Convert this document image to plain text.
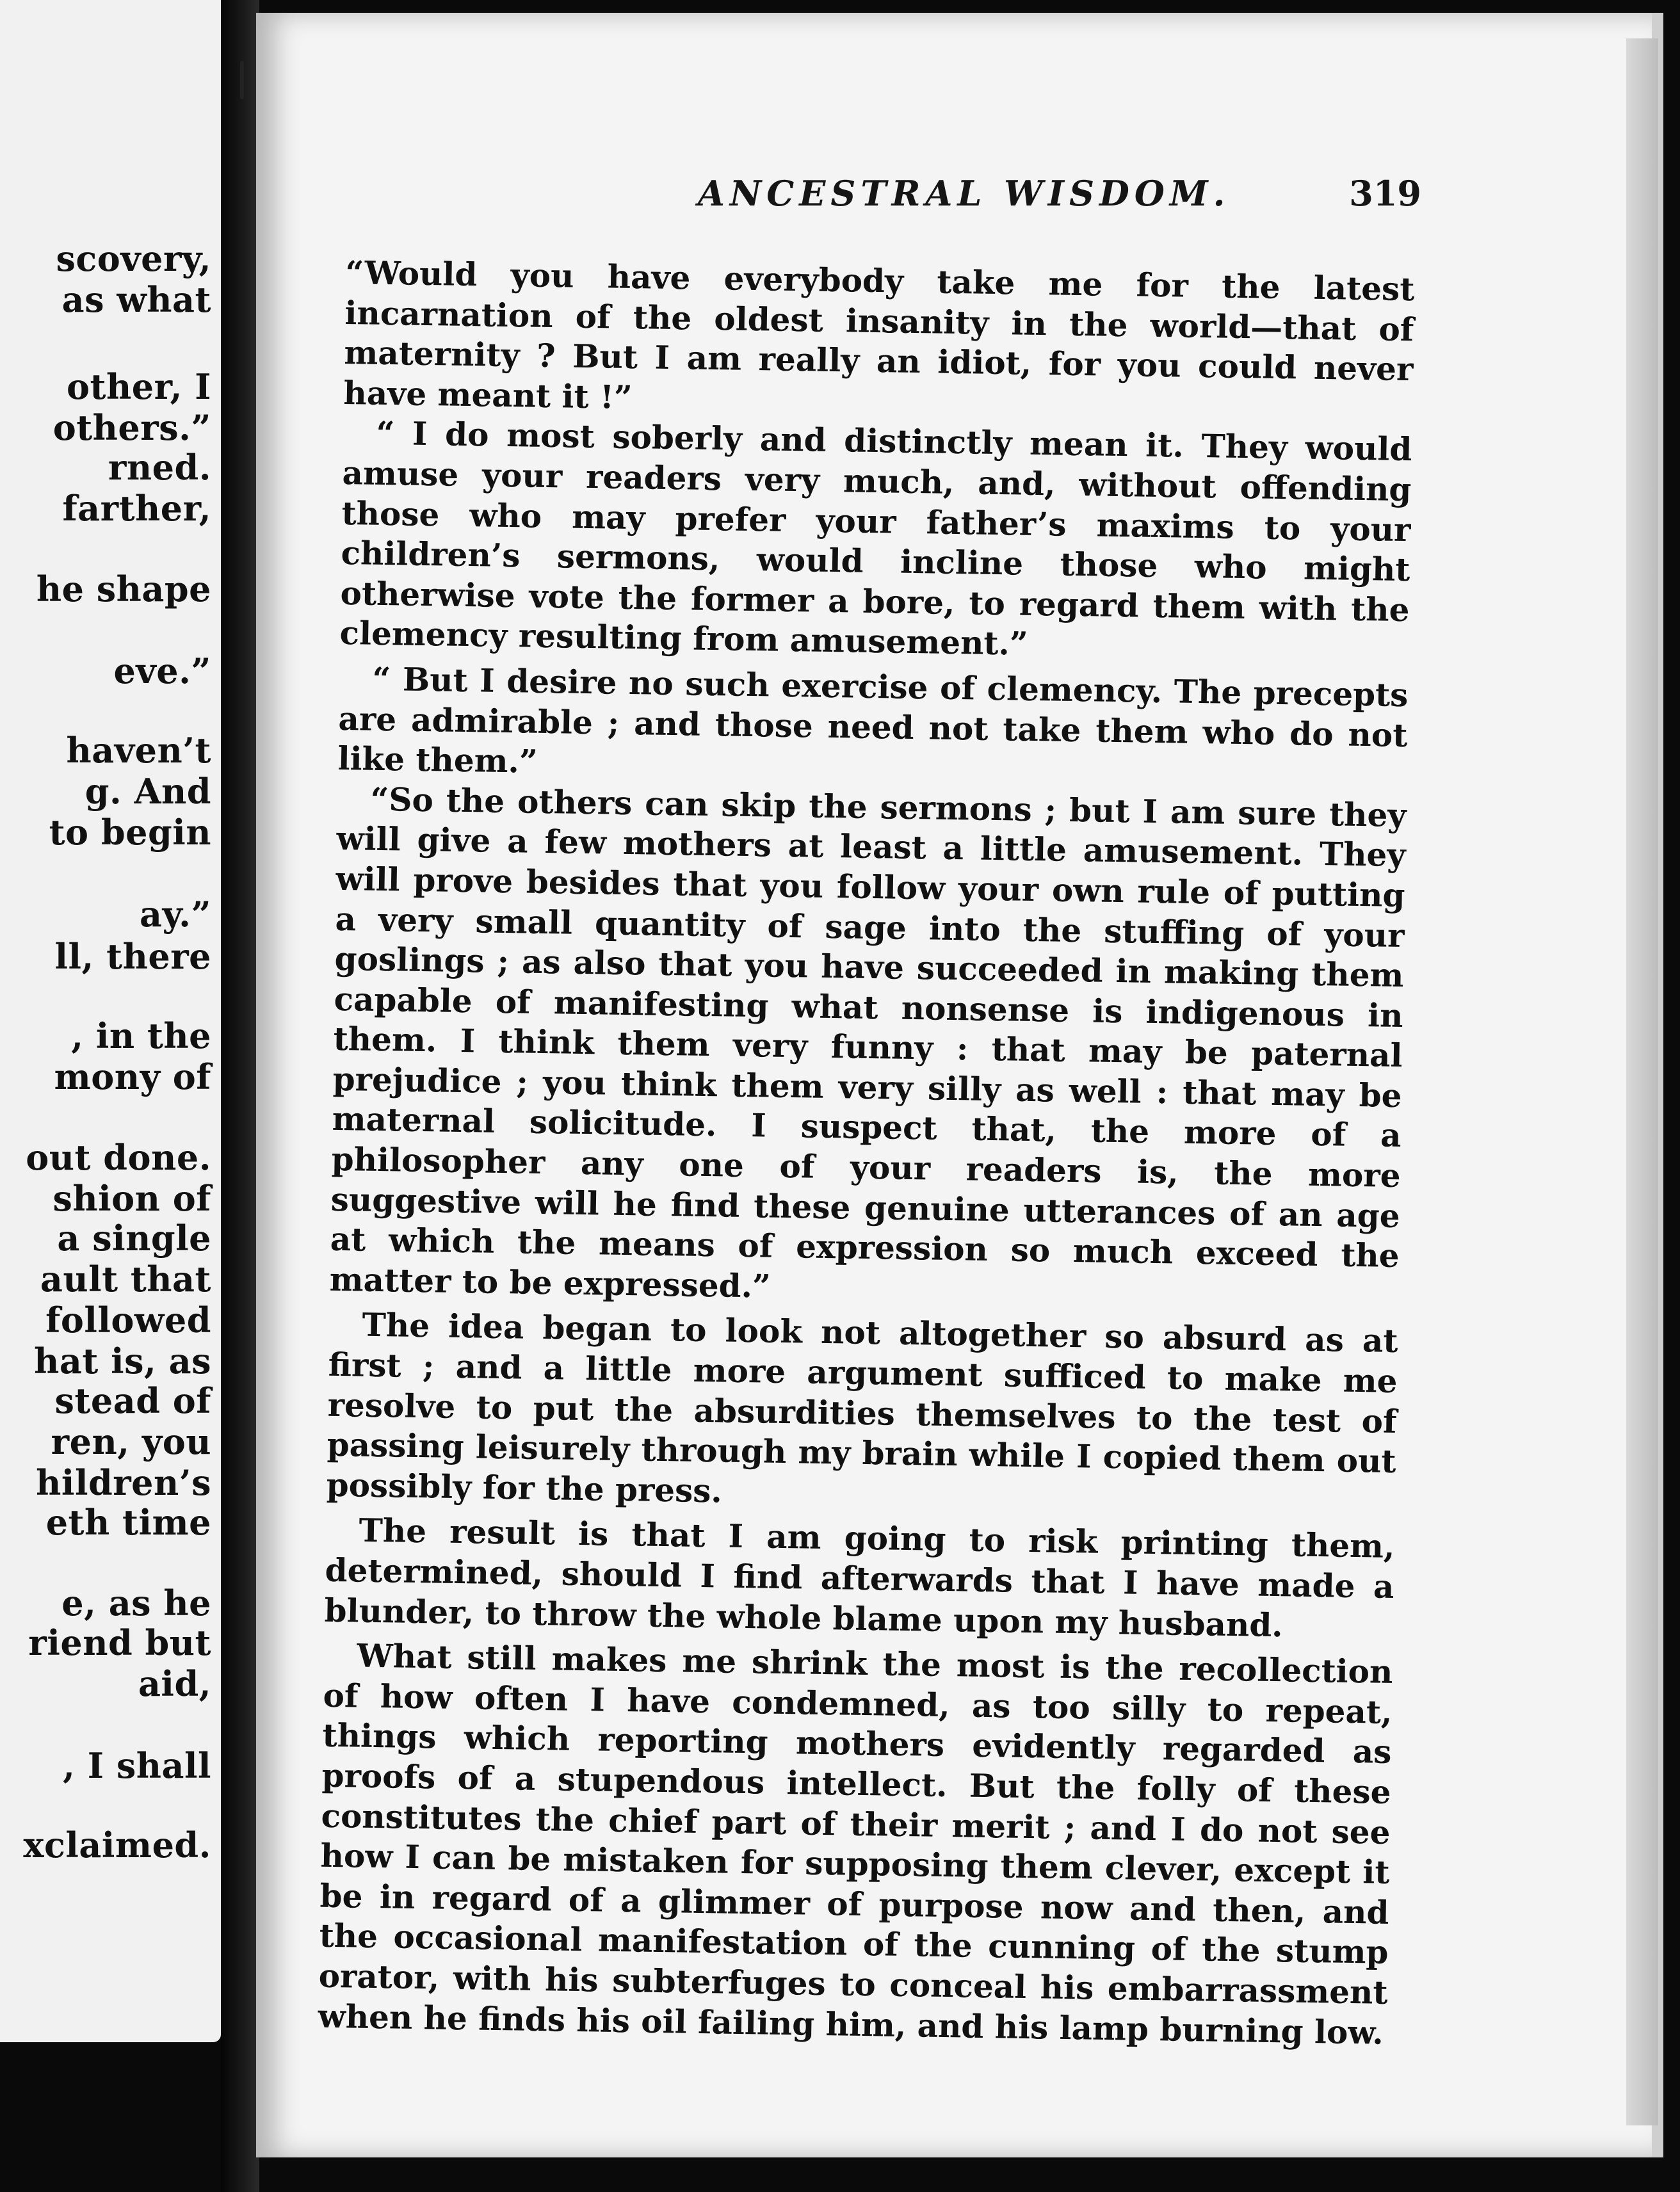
scovery,
as what
other, I
others.”
rned.
farther,
he shape
eve.”
haven’t
g. And
to begin
ay.”
ll, there
, in the
mony of
out done.
shion of
a single
ault that
followed
hat is, as
stead of
ren, you
hildren’s
eth time
e, as he
riend but
aid,
, I shall
xclaimed.
ANCESTRAL WISDOM.	319

“Would you have everybody take me for the latest incarnation of the oldest insanity in the world—that of maternity ? But I am really an idiot, for you could never have meant it !”

“ I do most soberly and distinctly mean it. They would amuse your readers very much, and, without offending those who may prefer your father’s maxims to your children’s sermons, would incline those who might otherwise vote the former a bore, to regard them with the clemency resulting from amusement.”

“ But I desire no such exercise of clemency. The precepts are admirable ; and those need not take them who do not like them.”

“So the others can skip the sermons ; but I am sure they will give a few mothers at least a little amusement. They will prove besides that you follow your own rule of putting a very small quantity of sage into the stuffing of your goslings ; as also that you have succeeded in making them capable of manifesting what nonsense is indigenous in them. I think them very funny : that may be paternal prejudice ; you think them very silly as well : that may be maternal solicitude. I suspect that, the more of a philosopher any one of your readers is, the more suggestive will he find these genuine utterances of an age at which the means of expression so much exceed the matter to be expressed.”

The idea began to look not altogether so absurd as at first ; and a little more argument sufficed to make me resolve to put the absurdities themselves to the test of passing leisurely through my brain while I copied them out possibly for the press.

The result is that I am going to risk printing them, determined, should I find afterwards that I have made a blunder, to throw the whole blame upon my husband.

What still makes me shrink the most is the recollection of how often I have condemned, as too silly to repeat, things which reporting mothers evidently regarded as proofs of a stupendous intellect. But the folly of these constitutes the chief part of their merit ; and I do not see how I can be mistaken for supposing them clever, except it be in regard of a glimmer of purpose now and then, and the occasional manifestation of the cunning of the stump orator, with his subterfuges to conceal his embarrassment when he finds his oil failing him, and his lamp burning low.
